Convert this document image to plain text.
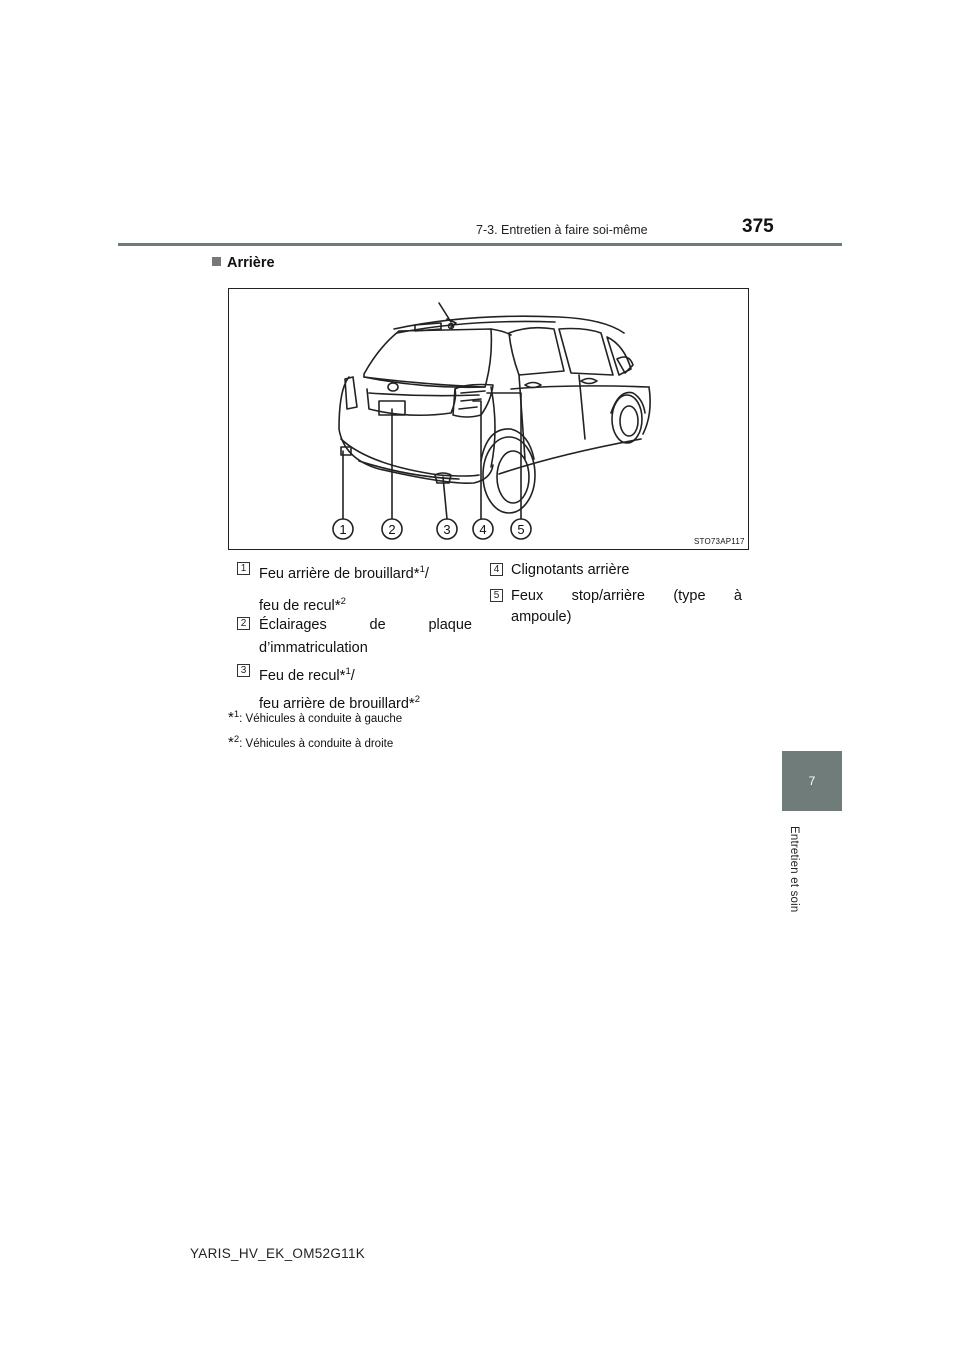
7-3. Entretien à faire soi-même	375
7
Entretien et soin
Arrière
1	2	3 4 5
STO73AP117
1 Feu arrière de brouillard*$^1$/
feu de recul*$^2$
2 Éclairages de plaque
d’immatriculation
3 Feu de recul*$^1$/
feu arrière de brouillard*$^2$
4 Clignotants arrière
5 Feux stop/arrière (type à
ampoule)
*$^1$: Véhicules à conduite à gauche
*$^2$: Véhicules à conduite à droite
YARIS_HV_EK_OM52G11K
